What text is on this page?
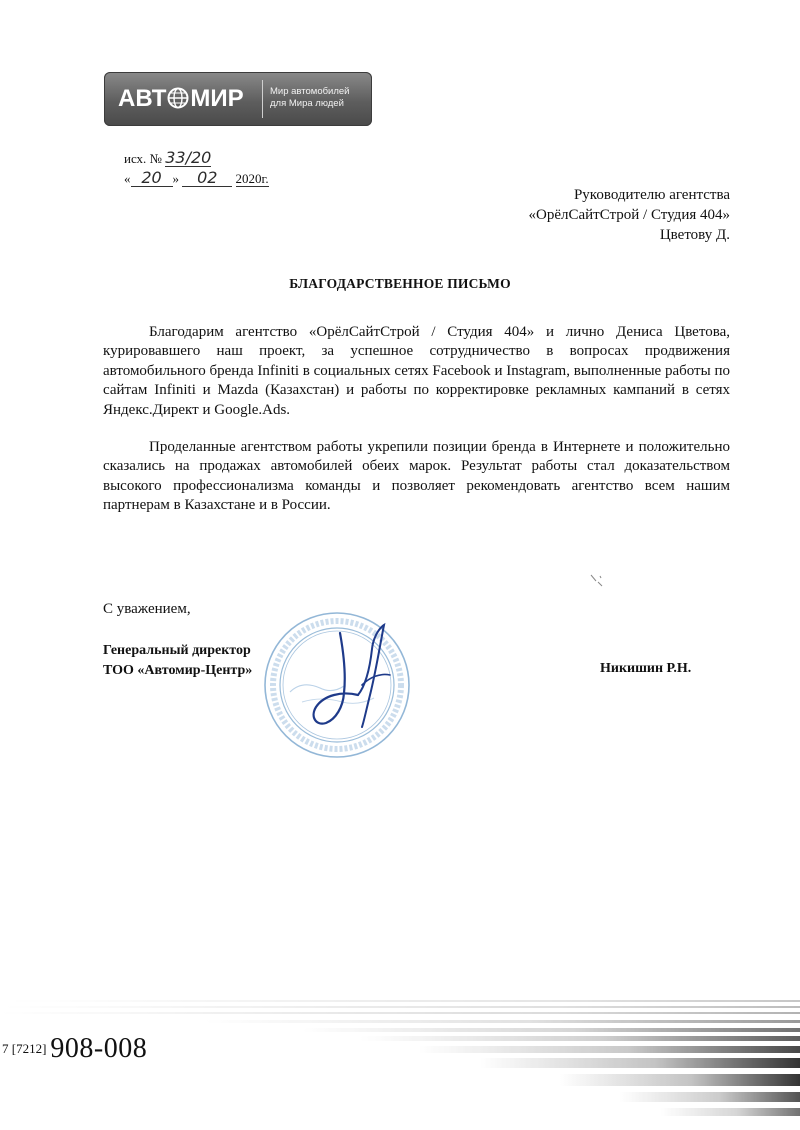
АВТ МИР	Мир автомобилей
для Мира людей
исх. № 33/20
« 20 » 02 2020г.
Руководителю агентства
«ОрёлСайтСтрой / Студия 404»
Цветову Д.
БЛАГОДАРСТВЕННОЕ ПИСЬМО

Благодарим агентство «ОрёлСайтСтрой / Студия 404» и лично Дениса Цветова, курировавшего наш проект, за успешное сотрудничество в вопросах продвижения автомобильного бренда Infiniti в социальных сетях Facebook и Instagram, выполненные работы по сайтам Infiniti и Mazda (Казахстан) и работы по корректировке рекламных кампаний в сетях Яндекс.Директ и Google.Ads.

Проделанные агентством работы укрепили позиции бренда в Интернете и положительно сказались на продажах автомобилей обеих марок. Результат работы стал доказательством высокого профессионализма команды и позволяет рекомендовать агентство всем нашим партнерам в Казахстане и в России.

С уважением,
Генеральный директор
ТОО «Автомир-Центр»	Никишин Р.Н.
$^{7 [7212]}$ 908-008
